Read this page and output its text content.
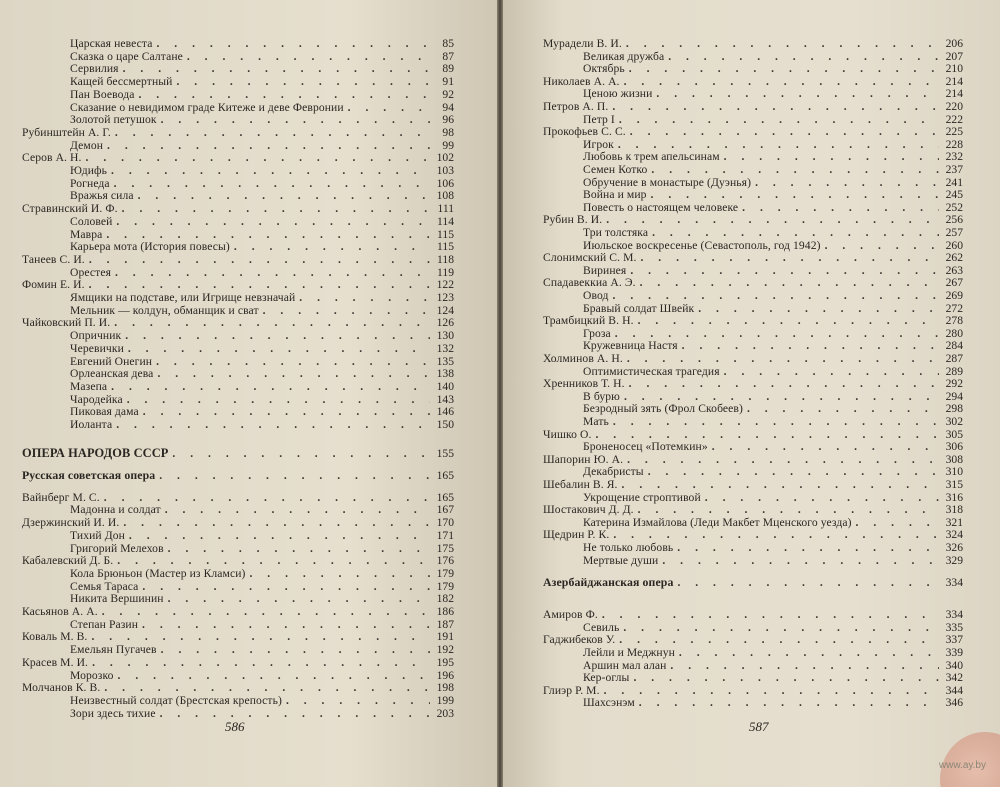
Царская невеста . . .	85
Сказка о царе Салтане . . .	87
Сервилия . . .	89
Кащей бессмертный . . .	91
Пан Воевода . . .	92
Сказание о невидимом граде Китеже и деве Февронии . . .	94
Золотой петушок . . .	96
Рубинштейн А. Г. . . .	98
Демон . . .	99
Серов А. Н. . . .	102
Юдифь . . .	103
Рогнеда . . .	106
Вражья сила . . .	108
Стравинский И. Ф. . . .	111
Соловей . . .	114
Мавра . . .	115
Карьера мота (История повесы) . . .	115
Танеев С. И. . . .	118
Орестея . . .	119
Фомин Е. И. . . .	122
Ямщики на подставе, или Игрище невзначай . . .	123
Мельник — колдун, обманщик и сват . . .	124
Чайковский П. И. . . .	126
Опричник . . .	130
Черевички . . .	132
Евгений Онегин . . .	135
Орлеанская дева . . .	138
Мазепа . . .	140
Чародейка . . .	143
Пиковая дама . . .	146
Иоланта . . .	150
ОПЕРА НАРОДОВ СССР . . .	155
Русская советская опера . . .	165
Вайнберг М. С. . . .	165
Мадонна и солдат . . .	167
Дзержинский И. И. . . .	170
Тихий Дон . . .	171
Григорий Мелехов . . .	175
Кабалевский Д. Б. . . .	176
Кола Брюньон (Мастер из Кламси) . . .	179
Семья Тараса . . .	179
Никита Вершинин . . .	182
Касьянов А. А. . . .	186
Степан Разин . . .	187
Коваль М. В. . . .	191
Емельян Пугачев . . .	192
Красев М. И. . . .	195
Морозко . . .	196
Молчанов К. В. . . .	198
Неизвестный солдат (Брестская крепость) . . .	199
Зори здесь тихие . . .	203
586
Мурадели В. И. . . .	206
Великая дружба . . .	207
Октябрь . . .	210
Николаев А. А. . . .	214
Ценою жизни . . .	214
Петров А. П. . . .	220
Петр I . . .	222
Прокофьев С. С. . . .	225
Игрок . . .	228
Любовь к трем апельсинам . . .	232
Семен Котко . . .	237
Обручение в монастыре (Дуэнья) . . .	241
Война и мир . . .	245
Повесть о настоящем человеке . . .	252
Рубин В. И. . . .	256
Три толстяка . . .	257
Июльское воскресенье (Севастополь, год 1942) . . .	260
Слонимский С. М. . . .	262
Виринея . . .	263
Спадавеккиа А. Э. . . .	267
Овод . . .	269
Бравый солдат Швейк . . .	272
Трамбицкий В. Н. . . .	278
Гроза . . .	280
Кружевница Настя . . .	284
Холминов А. Н. . . .	287
Оптимистическая трагедия . . .	289
Хренников Т. Н. . . .	292
В бурю . . .	294
Безродный зять (Фрол Скобеев) . . .	298
Мать . . .	302
Чишко О. . . .	305
Броненосец «Потемкин» . . .	306
Шапорин Ю. А. . . .	308
Декабристы . . .	310
Шебалин В. Я. . . .	315
Укрощение строптивой . . .	316
Шостакович Д. Д. . . .	318
Катерина Измайлова (Леди Макбет Мценского уезда) . . .	321
Щедрин Р. К. . . .	324
Не только любовь . . .	326
Мертвые души . . .	329
Азербайджанская опера . . .	334
Амиров Ф. . . .	334
Севиль . . .	335
Гаджибеков У. . . .	337
Лейли и Меджнун . . .	339
Аршин мал алан . . .	340
Кер-оглы . . .	342
Глиэр Р. М. . . .	344
Шахсэнэм . . .	346
587
www.ay.by
